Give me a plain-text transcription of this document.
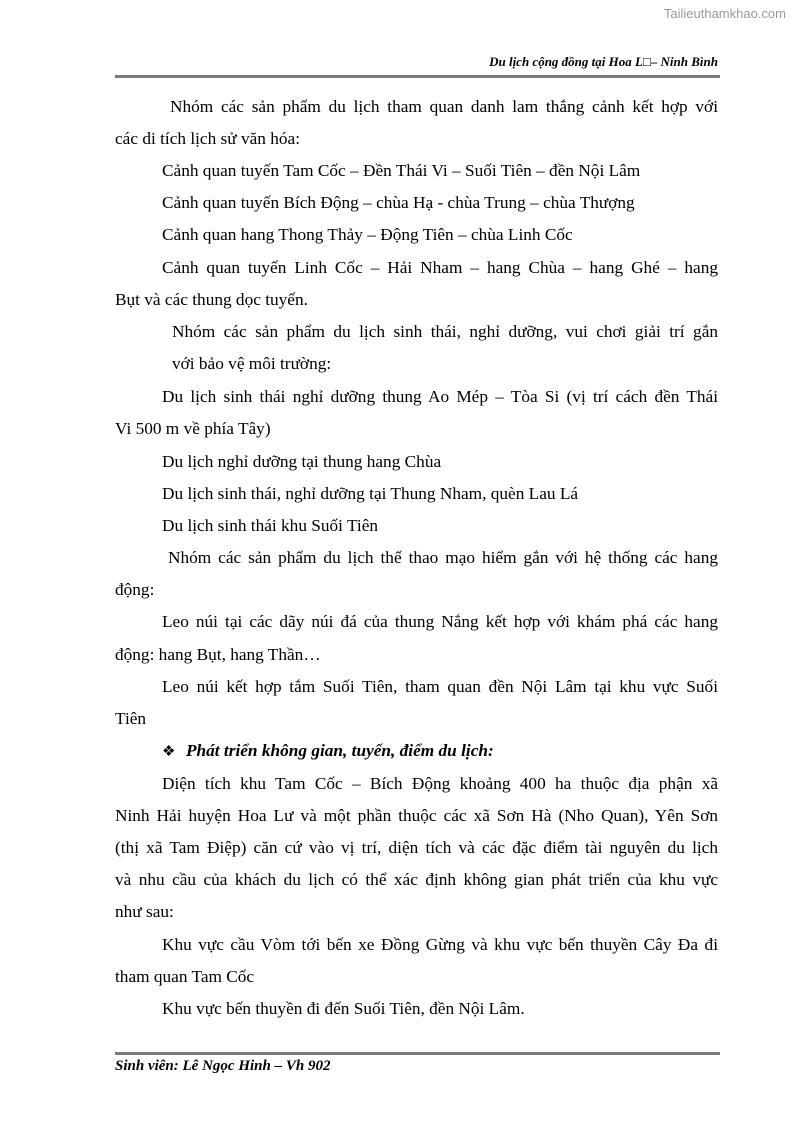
Tailieuthamkhao.com
Du lịch cộng đồng tại Hoa L□– Ninh Bình
Nhóm các sản phẩm du lịch tham quan danh lam thắng cảnh kết hợp với
các di tích lịch sử văn hóa:
Cảnh quan tuyến Tam Cốc – Đền Thái Vi – Suối Tiên – đền Nội Lâm
Cảnh quan tuyến Bích Động – chùa Hạ - chùa Trung – chùa Thượng
Cảnh quan hang Thong Thảy – Động Tiên – chùa Linh Cốc
Cảnh quan tuyến Linh Cốc – Hải Nham – hang Chùa – hang Ghé – hang
Bụt và các thung dọc tuyến.
Nhóm các sản phẩm du lịch sinh thái, nghỉ dưỡng, vui chơi giải trí gắn
với bảo vệ môi trường:
Du lịch sinh thái nghỉ dưỡng thung Ao Mép – Tòa Si (vị trí cách đền Thái
Vi 500 m về phía Tây)
Du lịch nghỉ dưỡng tại thung hang Chùa
Du lịch sinh thái, nghỉ dưỡng tại Thung Nham, quèn Lau Lá
Du lịch sinh thái khu Suối Tiên
Nhóm các sản phẩm du lịch thể thao mạo hiểm gắn với hệ thống các hang
động:
Leo núi tại các dãy núi đá của thung Nắng kết hợp với khám phá các hang
động: hang Bụt, hang Thần…
Leo núi kết hợp tắm Suối Tiên, tham quan đền Nội Lâm tại khu vực Suối
Tiên
Phát triển không gian, tuyến, điểm du lịch:
❖
Diện tích khu Tam Cốc – Bích Động khoảng 400 ha thuộc địa phận xã
Ninh Hải huyện Hoa Lư và một phần thuộc các xã Sơn Hà (Nho Quan), Yên Sơn
(thị xã Tam Điệp) căn cứ vào vị trí, diện tích và các đặc điểm tài nguyên du lịch
và nhu cầu của khách du lịch có thể xác định không gian phát triển của khu vực
như sau:
Khu vực cầu Vòm tới bến xe Đồng Gừng và khu vực bến thuyền Cây Đa đi
tham quan Tam Cốc
Khu vực bến thuyền đi đến Suối Tiên, đền Nội Lâm.
Sinh viên: Lê Ngọc Hinh – Vh 902
